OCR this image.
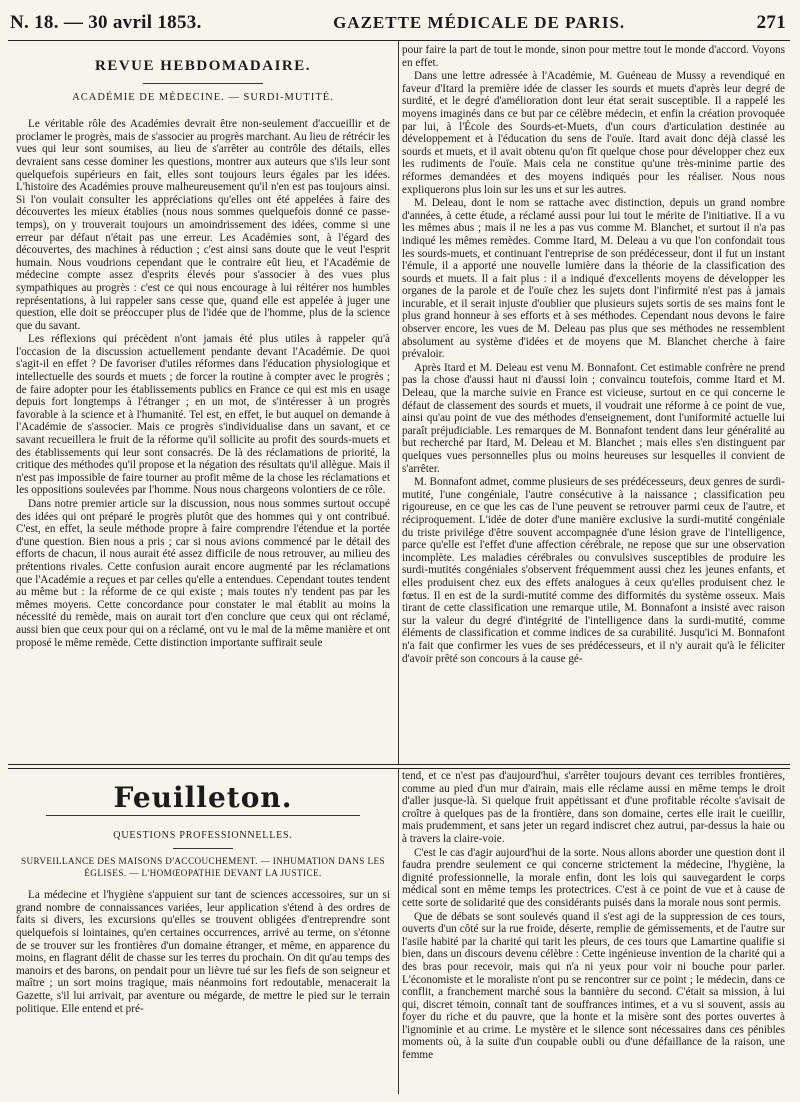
N. 18. — 30 avril 1853.	GAZETTE MÉDICALE DE PARIS.	271
REVUE HEBDOMADAIRE.
ACADÉMIE DE MÉDECINE. — SURDI-MUTITÉ.

Le véritable rôle des Académies devrait être non-seulement d'accueillir et de proclamer le progrès, mais de s'associer au progrès marchant. Au lieu de rétrécir les vues qui leur sont soumises, au lieu de s'arrêter au contrôle des détails, elles devraient sans cesse dominer les questions, montrer aux auteurs que s'ils leur sont quelquefois supérieurs en fait, elles sont toujours leurs égales par les idées. L'histoire des Académies prouve malheureusement qu'il n'en est pas toujours ainsi. Si l'on voulait consulter les appréciations qu'elles ont été appelées à faire des découvertes les mieux établies (nous nous sommes quelquefois donné ce passe-temps), on y trouverait toujours un amoindrissement des idées, comme si une erreur par défaut n'était pas une erreur. Les Académies sont, à l'égard des découvertes, des machines à réduction ; c'est ainsi sans doute que le veut l'esprit humain. Nous voudrions cependant que le contraire eût lieu, et l'Académie de médecine compte assez d'esprits élevés pour s'associer à des vues plus sympathiques au progrès : c'est ce qui nous encourage à lui réitérer nos humbles représentations, à lui rappeler sans cesse que, quand elle est appelée à juger une question, elle doit se préoccuper plus de l'idée que de l'homme, plus de la science que du savant.

Les réflexions qui précèdent n'ont jamais été plus utiles à rappeler qu'à l'occasion de la discussion actuellement pendante devant l'Académie. De quoi s'agit-il en effet ? De favoriser d'utiles réformes dans l'éducation physiologique et intellectuelle des sourds et muets ; de forcer la routine à compter avec le progrès ; de faire adopter pour les établissements publics en France ce qui est mis en usage depuis fort longtemps à l'étranger ; en un mot, de s'intéresser à un progrès favorable à la science et à l'humanité. Tel est, en effet, le but auquel on demande à l'Académie de s'associer. Mais ce progrès s'individualise dans un savant, et ce savant recueillera le fruit de la réforme qu'il sollicite au profit des sourds-muets et des établissements qui leur sont consacrés. De là des réclamations de priorité, la critique des méthodes qu'il propose et la négation des résultats qu'il allègue. Mais il n'est pas impossible de faire tourner au profit même de la chose les réclamations et les oppositions soulevées par l'homme. Nous nous chargeons volontiers de ce rôle.

Dans notre premier article sur la discussion, nous nous sommes surtout occupé des idées qui ont préparé le progrès plutôt que des hommes qui y ont contribué. C'est, en effet, la seule méthode propre à faire comprendre l'étendue et la portée d'une question. Bien nous a pris ; car si nous avions commencé par le détail des efforts de chacun, il nous aurait été assez difficile de nous retrouver, au milieu des prétentions rivales. Cette confusion aurait encore augmenté par les réclamations que l'Académie a reçues et par celles qu'elle a entendues. Cependant toutes tendent au même but : la réforme de ce qui existe ; mais toutes n'y tendent pas par les mêmes moyens. Cette concordance pour constater le mal établit au moins la nécessité du remède, mais on aurait tort d'en conclure que ceux qui ont réclamé, aussi bien que ceux pour qui on a réclamé, ont vu le mal de la même manière et ont proposé le même remède. Cette distinction importante suffirait seule

pour faire la part de tout le monde, sinon pour mettre tout le monde d'accord. Voyons en effet.

Dans une lettre adressée à l'Académie, M. Guéneau de Mussy a revendiqué en faveur d'Itard la première idée de classer les sourds et muets d'après leur degré de surdité, et le degré d'amélioration dont leur état serait susceptible. Il a rappelé les moyens imaginés dans ce but par ce célèbre médecin, et enfin la création provoquée par lui, à l'École des Sourds-et-Muets, d'un cours d'articulation destinée au développement et à l'éducation du sens de l'ouïe. Itard avait donc déjà classé les sourds et muets, et il avait obtenu qu'on fît quelque chose pour développer chez eux les rudiments de l'ouïe. Mais cela ne constitue qu'une très-minime partie des réformes demandées et des moyens indiqués pour les réaliser. Nous nous expliquerons plus loin sur les uns et sur les autres.

M. Deleau, dont le nom se rattache avec distinction, depuis un grand nombre d'années, à cette étude, a réclamé aussi pour lui tout le mérite de l'initiative. Il a vu les mêmes abus ; mais il ne les a pas vus comme M. Blanchet, et surtout il n'a pas indiqué les mêmes remèdes. Comme Itard, M. Deleau a vu que l'on confondait tous les sourds-muets, et continuant l'entreprise de son prédécesseur, dont il fut un instant l'émule, il a apporté une nouvelle lumière dans la théorie de la classification des sourds et muets. Il a fait plus : il a indiqué d'excellents moyens de développer les organes de la parole et de l'ouïe chez les sujets dont l'infirmité n'est pas à jamais incurable, et il serait injuste d'oublier que plusieurs sujets sortis de ses mains font le plus grand honneur à ses efforts et à ses méthodes. Cependant nous devons le faire observer encore, les vues de M. Deleau pas plus que ses méthodes ne ressemblent absolument au système d'idées et de moyens que M. Blanchet cherche à faire prévaloir.

Après Itard et M. Deleau est venu M. Bonnafont. Cet estimable confrère ne prend pas la chose d'aussi haut ni d'aussi loin ; convaincu toutefois, comme Itard et M. Deleau, que la marche suivie en France est vicieuse, surtout en ce qui concerne le défaut de classement des sourds et muets, il voudrait une réforme à ce point de vue, ainsi qu'au point de vue des méthodes d'enseignement, dont l'uniformité actuelle lui paraît préjudiciable. Les remarques de M. Bonnafont tendent dans leur généralité au but recherché par Itard, M. Deleau et M. Blanchet ; mais elles s'en distinguent par quelques vues personnelles plus ou moins heureuses sur lesquelles il convient de s'arrêter.

M. Bonnafont admet, comme plusieurs de ses prédécesseurs, deux genres de surdi-mutité, l'une congéniale, l'autre consécutive à la naissance ; classification peu rigoureuse, en ce que les cas de l'une peuvent se retrouver parmi ceux de l'autre, et réciproquement. L'idée de doter d'une manière exclusive la surdi-mutité congéniale du triste privilége d'être souvent accompagnée d'une lésion grave de l'intelligence, parce qu'elle est l'effet d'une affection cérébrale, ne repose que sur une observation incomplète. Les maladies cérébrales ou convulsives susceptibles de produire les surdi-mutités congéniales s'observent fréquemment aussi chez les jeunes enfants, et elles produisent chez eux des effets analogues à ceux qu'elles produisent chez le fœtus. Il en est de la surdi-mutité comme des difformités du système osseux. Mais tirant de cette classification une remarque utile, M. Bonnafont a insisté avec raison sur la valeur du degré d'intégrité de l'intelligence dans la surdi-mutité, comme éléments de classification et comme indices de sa curabilité. Jusqu'ici M. Bonnafont n'a fait que confirmer les vues de ses prédécesseurs, et il n'y aurait qu'à le féliciter d'avoir prêté son concours à la cause gé-

Feuilleton.
QUESTIONS PROFESSIONNELLES.
SURVEILLANCE DES MAISONS D'ACCOUCHEMENT. — INHUMATION DANS LES ÉGLISES. — L'HOMŒOPATHIE DEVANT LA JUSTICE.

La médecine et l'hygiène s'appuient sur tant de sciences accessoires, sur un si grand nombre de connaissances variées, leur application s'étend à des ordres de faits si divers, les excursions qu'elles se trouvent obligées d'entreprendre sont quelquefois si lointaines, qu'en certaines occurrences, arrivé au terme, on s'étonne de se trouver sur les frontières d'un domaine étranger, et même, en apparence du moins, en flagrant délit de chasse sur les terres du prochain. On dit qu'au temps des manoirs et des barons, on pendait pour un lièvre tué sur les fiefs de son seigneur et maître ; un sort moins tragique, mais néanmoins fort redoutable, menacerait la Gazette, s'il lui arrivait, par aventure ou mégarde, de mettre le pied sur le terrain politique. Elle entend et pré-

tend, et ce n'est pas d'aujourd'hui, s'arrêter toujours devant ces terribles frontières, comme au pied d'un mur d'airain, mais elle réclame aussi en même temps le droit d'aller jusque-là. Si quelque fruit appétissant et d'une profitable récolte s'avisait de croître à quelques pas de la frontière, dans son domaine, certes elle irait le cueillir, mais prudemment, et sans jeter un regard indiscret chez autrui, par-dessus la haie ou à travers la claire-voie.

C'est le cas d'agir aujourd'hui de la sorte. Nous allons aborder une question dont il faudra prendre seulement ce qui concerne strictement la médecine, l'hygiène, la dignité professionnelle, la morale enfin, dont les lois qui sauvegardent le corps médical sont en même temps les protectrices. C'est à ce point de vue et à cause de cette sorte de solidarité que des considérants puisés dans la morale nous sont permis.

Que de débats se sont soulevés quand il s'est agi de la suppression de ces tours, ouverts d'un côté sur la rue froide, déserte, remplie de gémissements, et de l'autre sur l'asile habité par la charité qui tarit les pleurs, de ces tours que Lamartine qualifie si bien, dans un discours devenu célèbre : Cette ingénieuse invention de la charité qui a des bras pour recevoir, mais qui n'a ni yeux pour voir ni bouche pour parler. L'économiste et le moraliste n'ont pu se rencontrer sur ce point ; le médecin, dans ce conflit, a franchement marché sous la bannière du second. C'était sa mission, à lui qui, discret témoin, connaît tant de souffrances intimes, et a vu si souvent, assis au foyer du riche et du pauvre, que la honte et la misère sont des portes ouvertes à l'ignominie et au crime. Le mystère et le silence sont nécessaires dans ces pénibles moments où, à la suite d'un coupable oubli ou d'une défaillance de la raison, une femme
